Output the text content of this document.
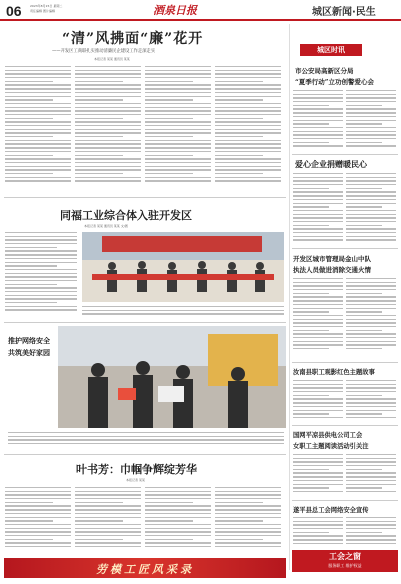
06	2023年8月15日 星期二
责任编辑 图片编辑	酒泉日报	城区新闻·民生
“清”风拂面“廉”花开
——开发区工商联扎实推动清廉民企建设工作走深走实
本报记者 某某 通讯员 某某
城区时讯
市公安局高新区分局
“夏季行动”立功创警爱心会
爱心企业捐赠暖民心
开发区城市管理局金山中队
执法人员做进消除交通火情
汝南县职工观影红色主题故事
国网平凉县供电公司工会
女职工主题阅读活动引关注
遂平县总工会网络安全宣传
工会之窗
服务职工 维护权益
同福工业综合体入驻开发区
本报记者 某某 通讯员 某某 文/图
推护网络安全
共筑美好家园
叶书芳：巾帼争辉绽芳华
本报记者 某某
劳模工匠风采录
